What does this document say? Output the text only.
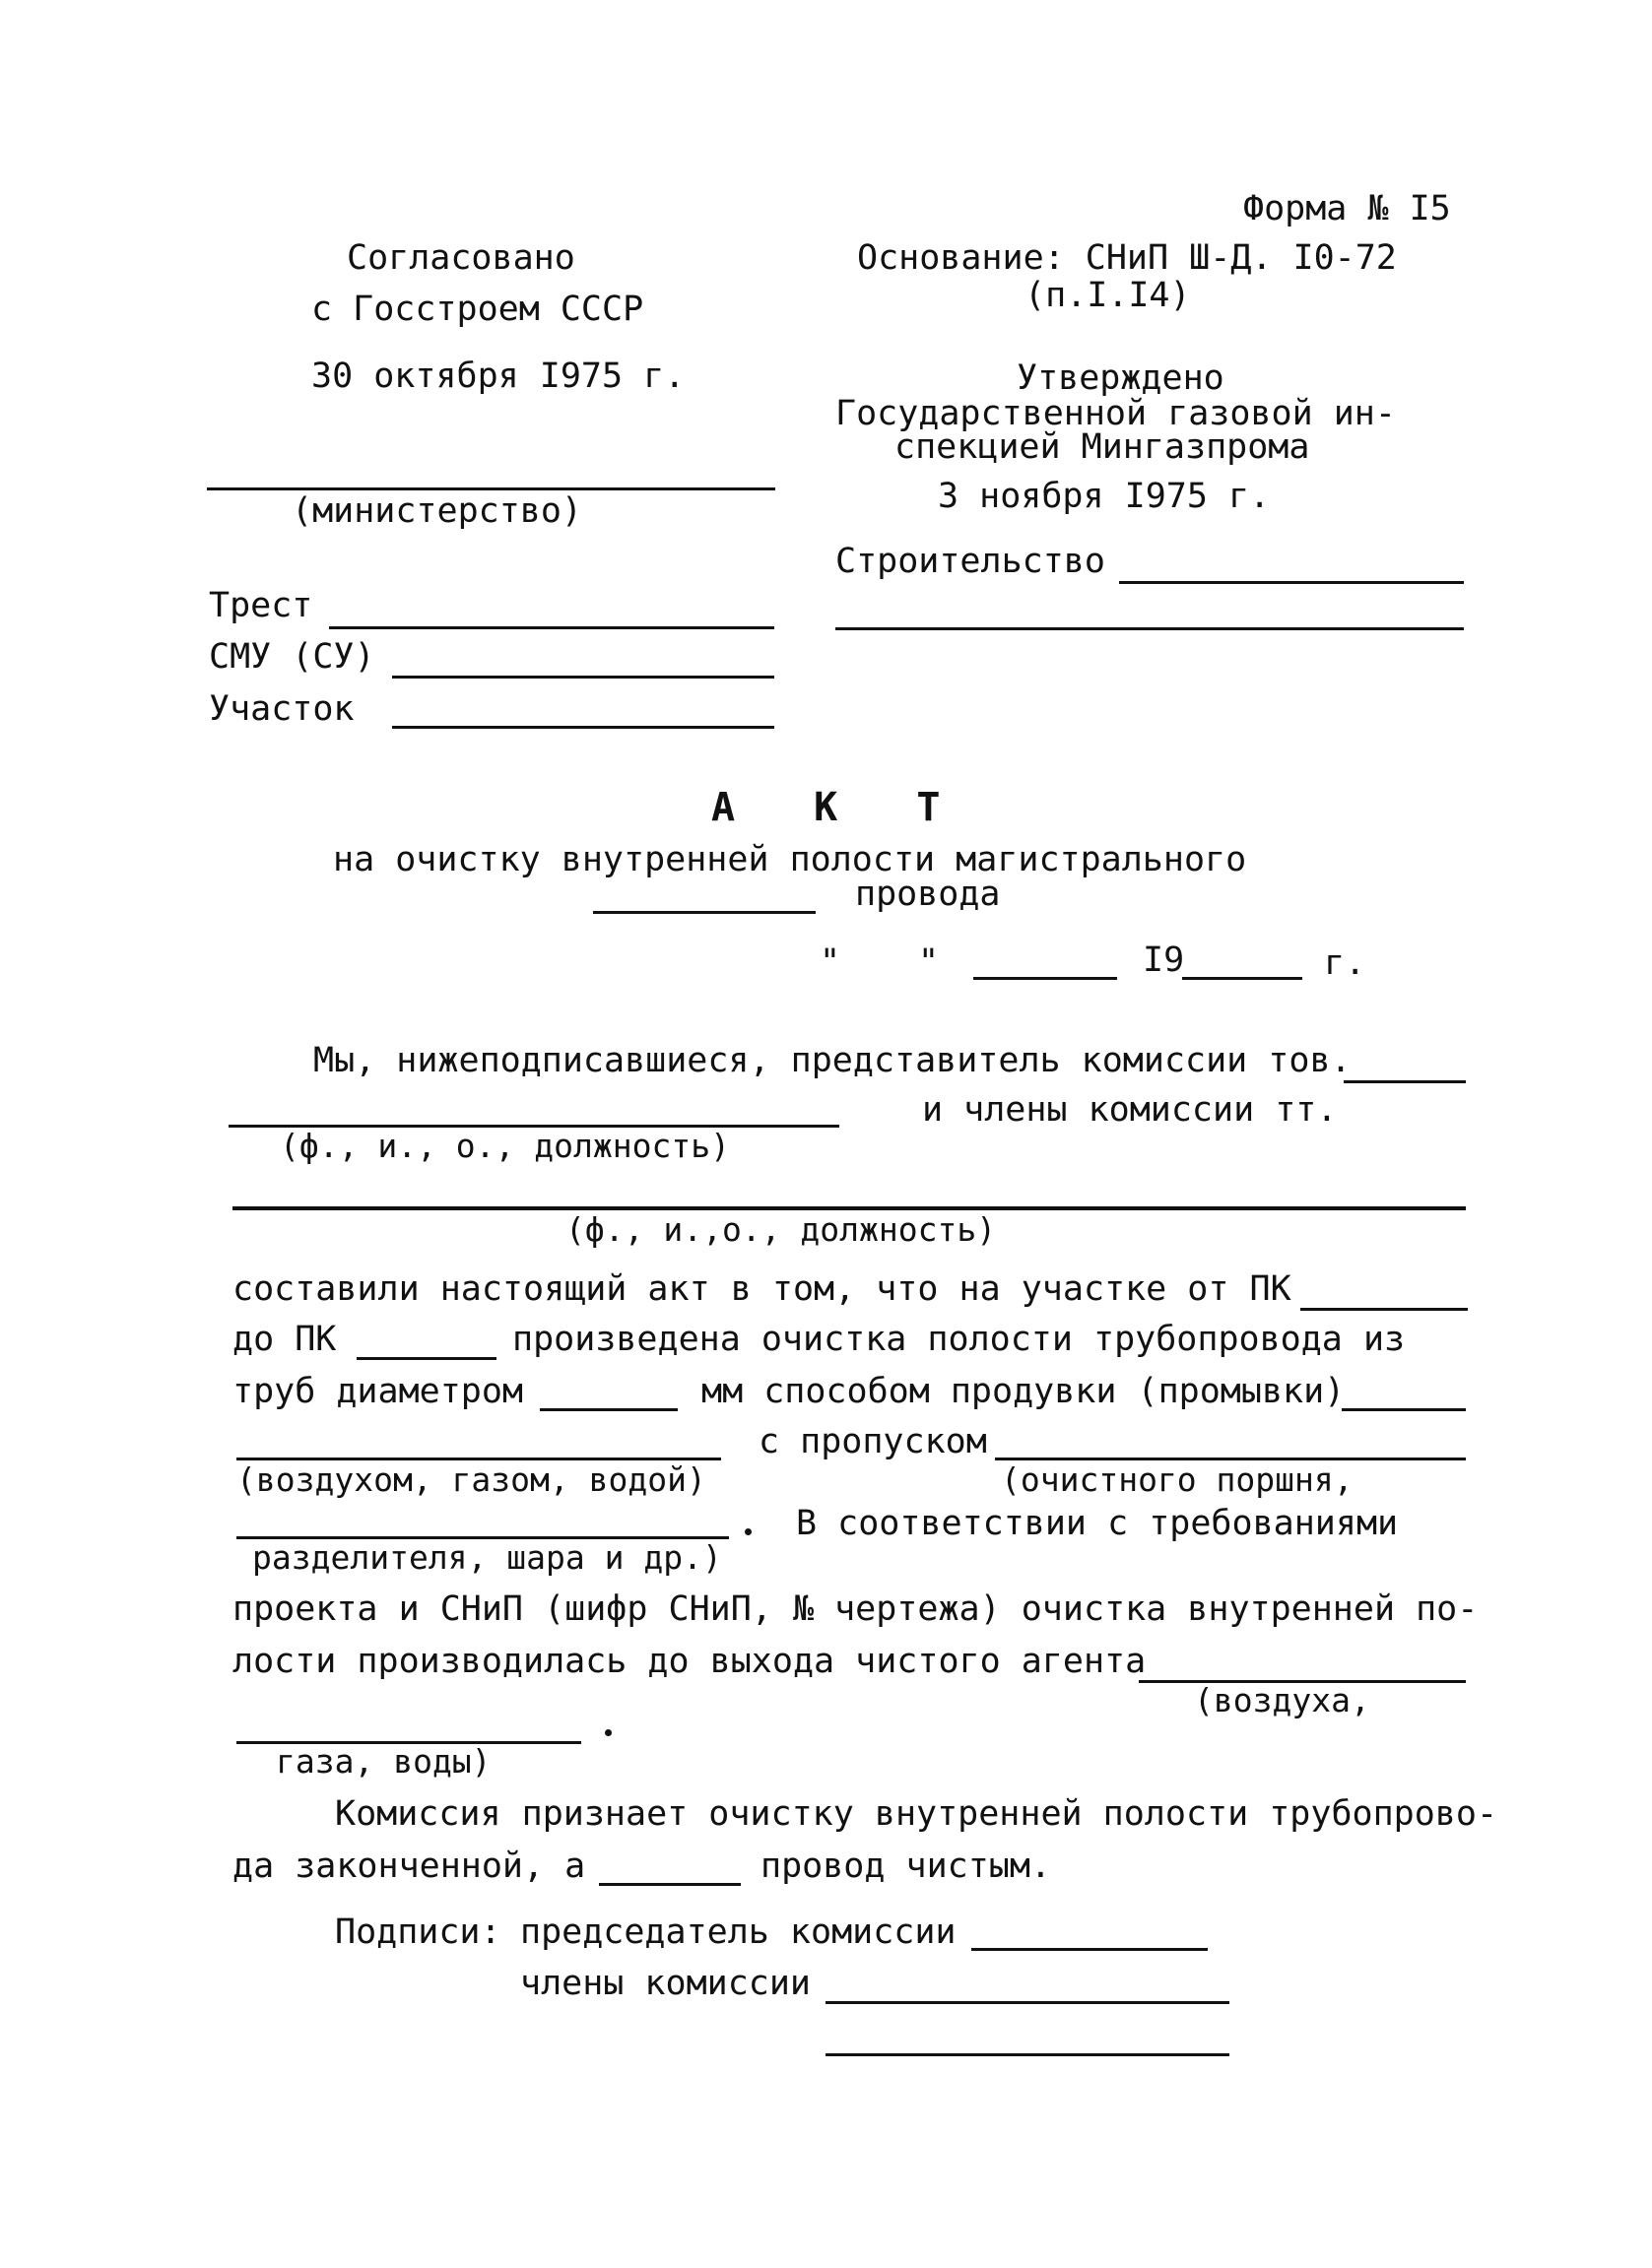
Форма № I5
Согласовано
с Госстроем СССР
30 октября I975 г.
Основание: СНиП Ш-Д. I0-72
(п.I.I4)
Утверждено
Государственной газовой ин-
спекцией Мингазпрома
3 ноября I975 г.
(министерство)
Строительство
Трест
СМУ (СУ)
Участок
А К Т
на очистку внутренней полости магистрального
провода
" "	I9	г.
Мы, нижеподписавшиеся, представитель комиссии тов.
и члены комиссии тт.
(ф., и., о., должность)
(ф., и.,о., должность)
составили настоящий акт в том, что на участке от ПК
до ПК	произведена очистка полости трубопровода из
труб диаметром	мм способом продувки (промывки)
с пропуском
(воздухом, газом, водой)	(очистного поршня,
В соответствии с требованиями
разделителя, шара и др.)
проекта и СНиП (шифр СНиП, № чертежа) очистка внутренней по-
лости производилась до выхода чистого агента
(воздуха,
газа, воды)
Комиссия признает очистку внутренней полости трубопрово-
да законченной, а	провод чистым.
Подписи: председатель комиссии
члены комиссии
